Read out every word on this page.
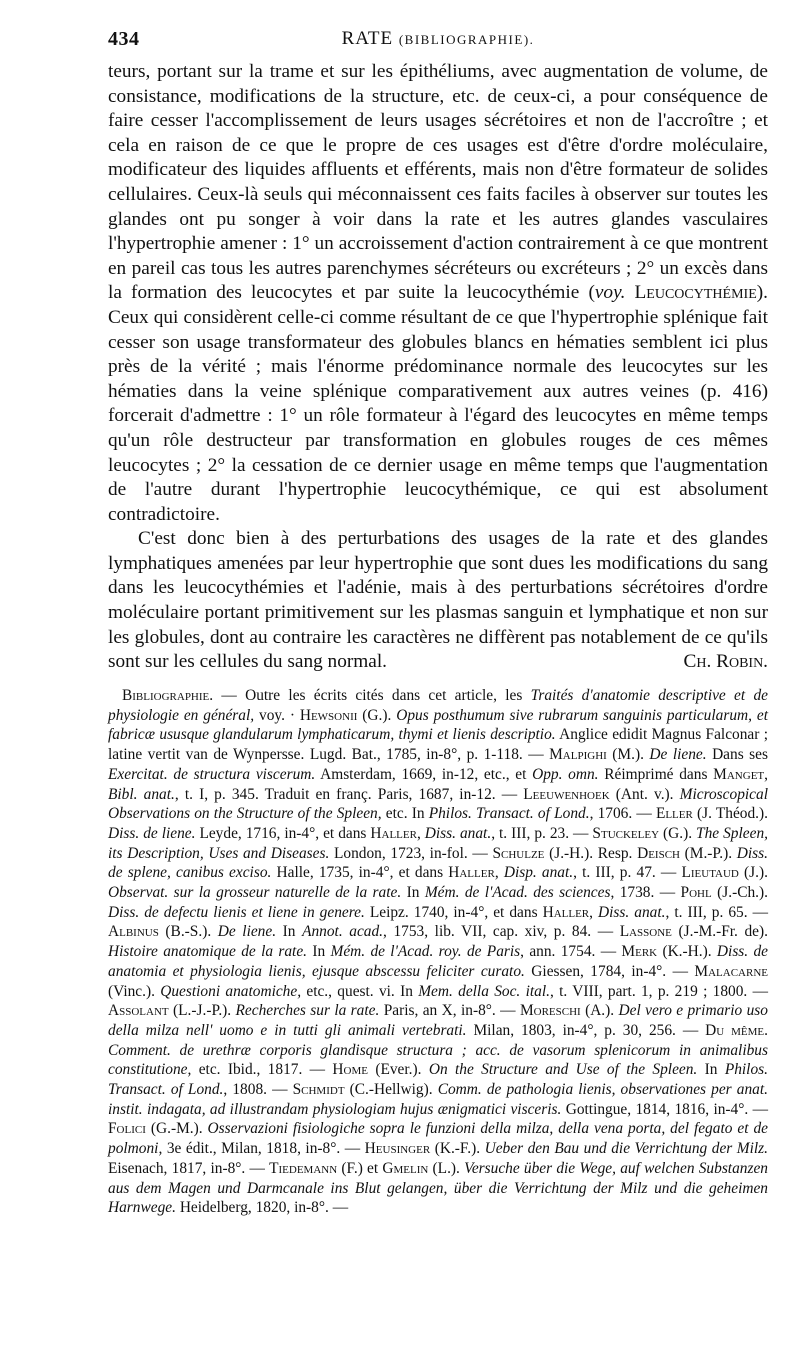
434	RATE (BIBLIOGRAPHIE).

teurs, portant sur la trame et sur les épithéliums, avec augmentation de volume, de consistance, modifications de la structure, etc. de ceux-ci, a pour conséquence de faire cesser l'accomplissement de leurs usages sécrétoires et non de l'accroître ; et cela en raison de ce que le propre de ces usages est d'être d'ordre moléculaire, modificateur des liquides affluents et efférents, mais non d'être formateur de solides cellulaires. Ceux-là seuls qui méconnaissent ces faits faciles à observer sur toutes les glandes ont pu songer à voir dans la rate et les autres glandes vasculaires l'hypertrophie amener : 1° un accroissement d'action contrairement à ce que montrent en pareil cas tous les autres parenchymes sécréteurs ou excréteurs ; 2° un excès dans la formation des leucocytes et par suite la leucocythémie (voy. Leucocythémie). Ceux qui considèrent celle-ci comme résultant de ce que l'hypertrophie splénique fait cesser son usage transformateur des globules blancs en hématies semblent ici plus près de la vérité ; mais l'énorme prédominance normale des leucocytes sur les hématies dans la veine splénique comparativement aux autres veines (p. 416) forcerait d'admettre : 1° un rôle formateur à l'égard des leucocytes en même temps qu'un rôle destructeur par transformation en globules rouges de ces mêmes leucocytes ; 2° la cessation de ce dernier usage en même temps que l'augmentation de l'autre durant l'hypertrophie leucocythémique, ce qui est absolument contradictoire.

C'est donc bien à des perturbations des usages de la rate et des glandes lymphatiques amenées par leur hypertrophie que sont dues les modifications du sang dans les leucocythémies et l'adénie, mais à des perturbations sécrétoires d'ordre moléculaire portant primitivement sur les plasmas sanguin et lymphatique et non sur les globules, dont au contraire les caractères ne diffèrent pas notablement de ce qu'ils sont sur les cellules du sang normal.	Ch. Robin.

Bibliographie. — Outre les écrits cités dans cet article, les Traités d'anatomie descriptive et de physiologie en général, voy. · Hewsonii (G.). Opus posthumum sive rubrarum sanguinis particularum, et fabricæ ususque glandularum lymphaticarum, thymi et lienis descriptio. Anglice edidit Magnus Falconar ; latine vertit van de Wynpersse. Lugd. Bat., 1785, in-8°, p. 1-118. — Malpighi (M.). De liene. Dans ses Exercitat. de structura viscerum. Amsterdam, 1669, in-12, etc., et Opp. omn. Réimprimé dans Manget, Bibl. anat., t. I, p. 345. Traduit en franç. Paris, 1687, in-12. — Leeuwenhoek (Ant. v.). Microscopical Observations on the Structure of the Spleen, etc. In Philos. Transact. of Lond., 1706. — Eller (J. Théod.). Diss. de liene. Leyde, 1716, in-4°, et dans Haller, Diss. anat., t. III, p. 23. — Stuckeley (G.). The Spleen, its Description, Uses and Diseases. London, 1723, in-fol. — Schulze (J.-H.). Resp. Deisch (M.-P.). Diss. de splene, canibus exciso. Halle, 1735, in-4°, et dans Haller, Disp. anat., t. III, p. 47. — Lieutaud (J.). Observat. sur la grosseur naturelle de la rate. In Mém. de l'Acad. des sciences, 1738. — Pohl (J.-Ch.). Diss. de defectu lienis et liene in genere. Leipz. 1740, in-4°, et dans Haller, Diss. anat., t. III, p. 65. — Albinus (B.-S.). De liene. In Annot. acad., 1753, lib. VII, cap. xiv, p. 84. — Lassone (J.-M.-Fr. de). Histoire anatomique de la rate. In Mém. de l'Acad. roy. de Paris, ann. 1754. — Merk (K.-H.). Diss. de anatomia et physiologia lienis, ejusque abscessu feliciter curato. Giessen, 1784, in-4°. — Malacarne (Vinc.). Questioni anatomiche, etc., quest. vi. In Mem. della Soc. ital., t. VIII, part. 1, p. 219 ; 1800. — Assolant (L.-J.-P.). Recherches sur la rate. Paris, an X, in-8°. — Moreschi (A.). Del vero e primario uso della milza nell' uomo e in tutti gli animali vertebrati. Milan, 1803, in-4°, p. 30, 256. — Du même. Comment. de urethræ corporis glandisque structura ; acc. de vasorum splenicorum in animalibus constitutione, etc. Ibid., 1817. — Home (Ever.). On the Structure and Use of the Spleen. In Philos. Transact. of Lond., 1808. — Schmidt (C.-Hellwig). Comm. de pathologia lienis, observationes per anat. instit. indagata, ad illustrandam physiologiam hujus ænigmatici visceris. Gottingue, 1814, 1816, in-4°. — Folici (G.-M.). Osservazioni fisiologiche sopra le funzioni della milza, della vena porta, del fegato et de polmoni, 3e édit., Milan, 1818, in-8°. — Heusinger (K.-F.). Ueber den Bau und die Verrichtung der Milz. Eisenach, 1817, in-8°. — Tiedemann (F.) et Gmelin (L.). Versuche über die Wege, auf welchen Substanzen aus dem Magen und Darmcanale ins Blut gelangen, über die Verrichtung der Milz und die geheimen Harnwege. Heidelberg, 1820, in-8°. —
